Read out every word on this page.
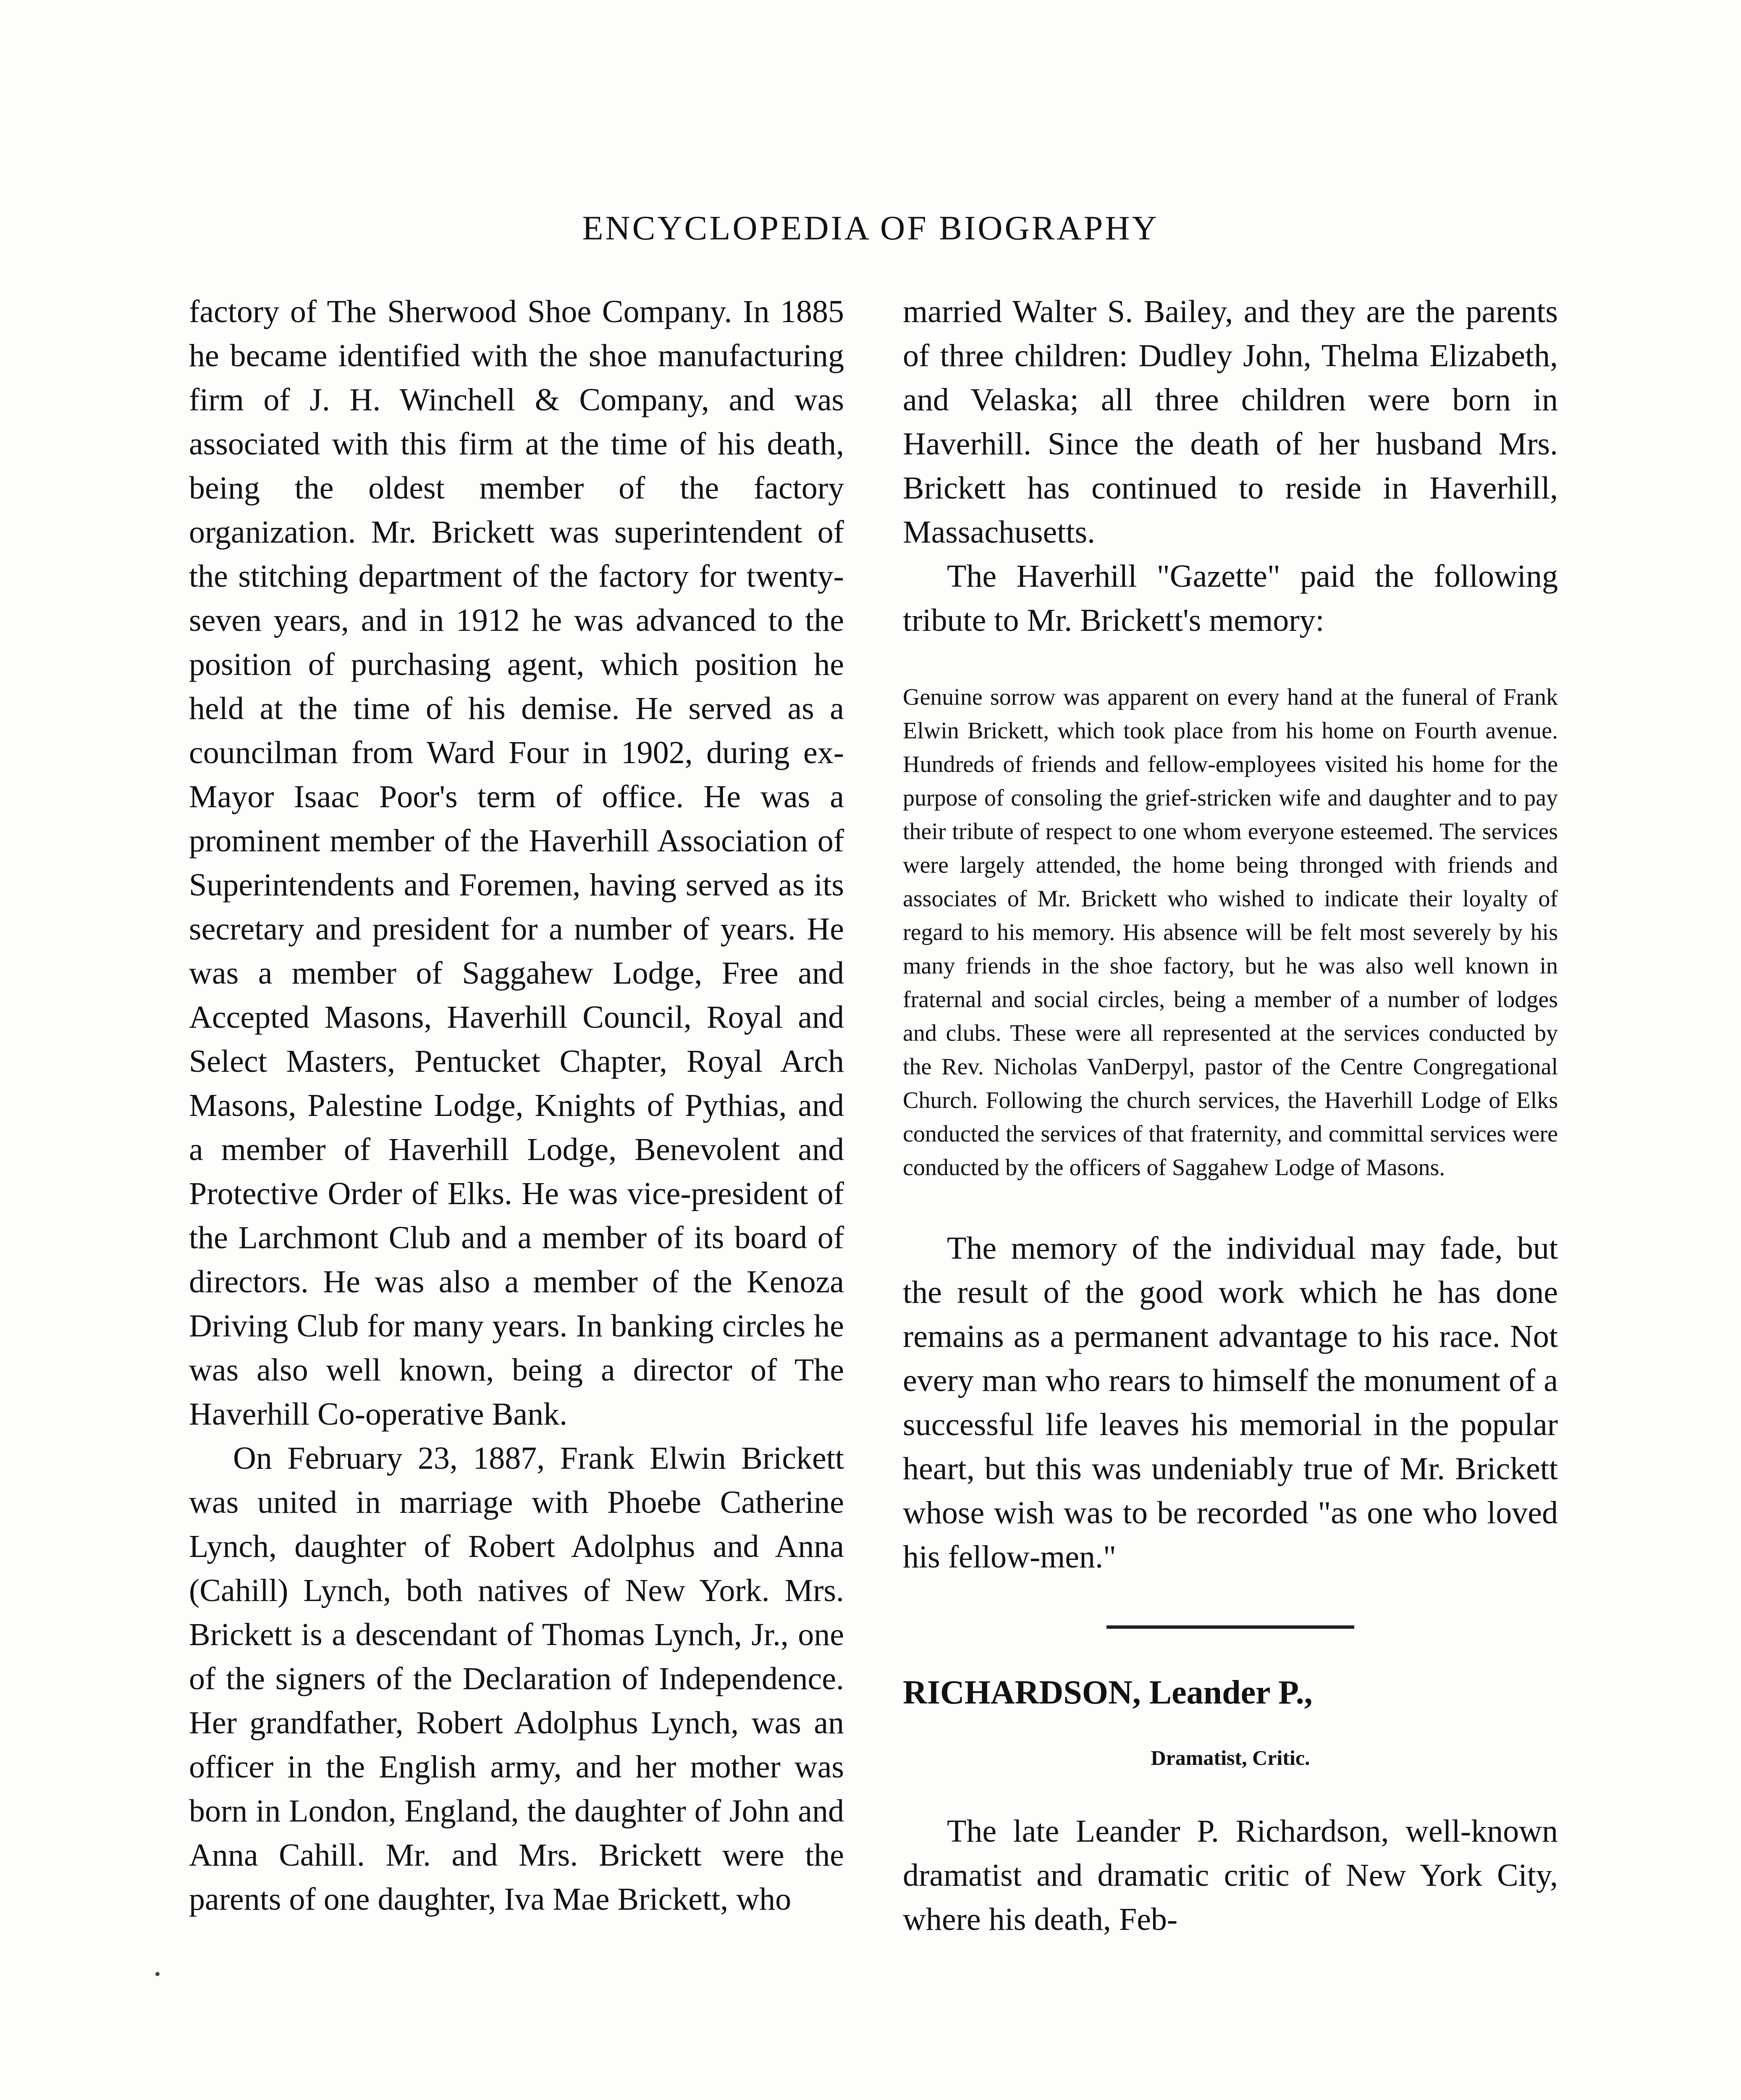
ENCYCLOPEDIA OF BIOGRAPHY

factory of The Sherwood Shoe Company. In 1885 he became identified with the shoe manufacturing firm of J. H. Winchell & Company, and was associated with this firm at the time of his death, being the oldest member of the factory organization. Mr. Brickett was superintendent of the stitching department of the factory for twenty-seven years, and in 1912 he was advanced to the position of purchasing agent, which position he held at the time of his demise. He served as a councilman from Ward Four in 1902, during ex-Mayor Isaac Poor's term of office. He was a prominent member of the Haverhill Association of Superintendents and Foremen, having served as its secretary and president for a number of years. He was a member of Saggahew Lodge, Free and Accepted Masons, Haverhill Council, Royal and Select Masters, Pentucket Chapter, Royal Arch Masons, Palestine Lodge, Knights of Pythias, and a member of Haverhill Lodge, Benevolent and Protective Order of Elks. He was vice-president of the Larchmont Club and a member of its board of directors. He was also a member of the Kenoza Driving Club for many years. In banking circles he was also well known, being a director of The Haverhill Co-operative Bank.

On February 23, 1887, Frank Elwin Brickett was united in marriage with Phoebe Catherine Lynch, daughter of Robert Adolphus and Anna (Cahill) Lynch, both natives of New York. Mrs. Brickett is a descendant of Thomas Lynch, Jr., one of the signers of the Declaration of Independence. Her grandfather, Robert Adolphus Lynch, was an officer in the English army, and her mother was born in London, England, the daughter of John and Anna Cahill. Mr. and Mrs. Brickett were the parents of one daughter, Iva Mae Brickett, who

married Walter S. Bailey, and they are the parents of three children: Dudley John, Thelma Elizabeth, and Velaska; all three children were born in Haverhill. Since the death of her husband Mrs. Brickett has continued to reside in Haverhill, Massachusetts.

The Haverhill "Gazette" paid the following tribute to Mr. Brickett's memory:

Genuine sorrow was apparent on every hand at the funeral of Frank Elwin Brickett, which took place from his home on Fourth avenue. Hundreds of friends and fellow-employees visited his home for the purpose of consoling the grief-stricken wife and daughter and to pay their tribute of respect to one whom everyone esteemed. The services were largely attended, the home being thronged with friends and associates of Mr. Brickett who wished to indicate their loyalty of regard to his memory. His absence will be felt most severely by his many friends in the shoe factory, but he was also well known in fraternal and social circles, being a member of a number of lodges and clubs. These were all represented at the services conducted by the Rev. Nicholas VanDerpyl, pastor of the Centre Congregational Church. Following the church services, the Haverhill Lodge of Elks conducted the services of that fraternity, and committal services were conducted by the officers of Saggahew Lodge of Masons.

The memory of the individual may fade, but the result of the good work which he has done remains as a permanent advantage to his race. Not every man who rears to himself the monument of a successful life leaves his memorial in the popular heart, but this was undeniably true of Mr. Brickett whose wish was to be recorded "as one who loved his fellow-men."

RICHARDSON, Leander P.,

Dramatist, Critic.

The late Leander P. Richardson, well-known dramatist and dramatic critic of New York City, where his death, Feb-
